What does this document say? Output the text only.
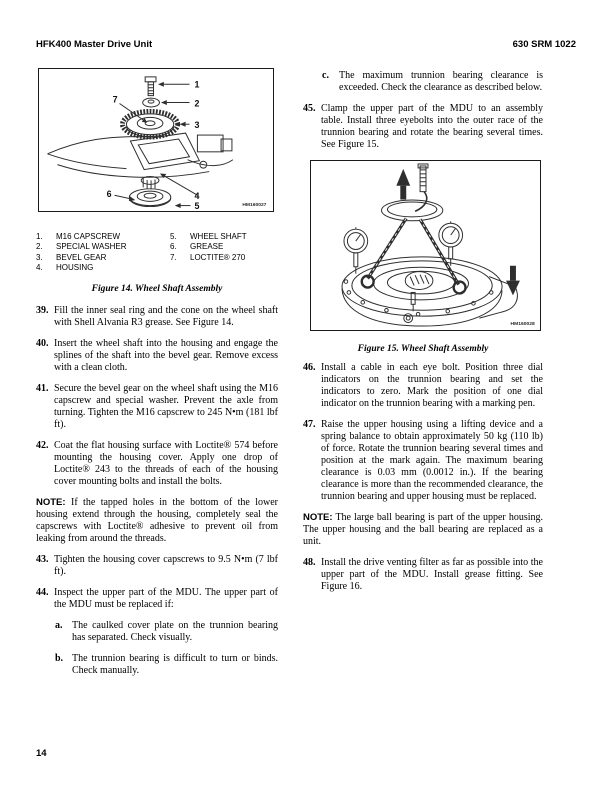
HFK400 Master Drive Unit	630 SRM 1022
1
2
3
7
4
6
5	HM160027
1. M16 CAPSCREW
2. SPECIAL WASHER
3. BEVEL GEAR
4. HOUSING
5. WHEEL SHAFT
6. GREASE
7. LOCTITE® 270
Figure 14. Wheel Shaft Assembly

39. Fill the inner seal ring and the cone on the wheel shaft with Shell Alvania R3 grease. See Figure 14.

40. Insert the wheel shaft into the housing and engage the splines of the shaft into the bevel gear. Remove excess with a clean cloth.

41. Secure the bevel gear on the wheel shaft using the M16 capscrew and special washer. Prevent the axle from turning. Tighten the M16 capscrew to 245 N•m (181 lbf ft).

42. Coat the flat housing surface with Loctite® 574 before mounting the housing cover. Apply one drop of Loctite® 243 to the threads of each of the housing cover mounting bolts and install the bolts.

NOTE: If the tapped holes in the bottom of the lower housing extend through the housing, completely seal the capscrews with Loctite® adhesive to prevent oil from leaking from around the threads.

43. Tighten the housing cover capscrews to 9.5 N•m (7 lbf ft).

44. Inspect the upper part of the MDU. The upper part of the MDU must be replaced if:

a. The caulked cover plate on the trunnion bearing has separated. Check visually.

b. The trunnion bearing is difficult to turn or binds. Check manually.

c. The maximum trunnion bearing clearance is exceeded. Check the clearance as described below.

45. Clamp the upper part of the MDU to an assembly table. Install three eyebolts into the outer race of the trunnion bearing and rotate the bearing several times. See Figure 15.

HM160028
Figure 15. Wheel Shaft Assembly

46. Install a cable in each eye bolt. Position three dial indicators on the trunnion bearing and set the indicators to zero. Mark the position of one dial indicator on the trunnion bearing with a marking pen.

47. Raise the upper housing using a lifting device and a spring balance to obtain approximately 50 kg (110 lb) of force. Rotate the trunnion bearing several times and position at the mark again. The maximum bearing clearance is 0.03 mm (0.0012 in.). If the bearing clearance is more than the recommended clearance, the trunnion bearing and upper housing must be replaced.

NOTE: The large ball bearing is part of the upper housing. The upper housing and the ball bearing are replaced as a unit.

48. Install the drive venting filter as far as possible into the upper part of the MDU. Install grease fitting. See Figure 16.

14
